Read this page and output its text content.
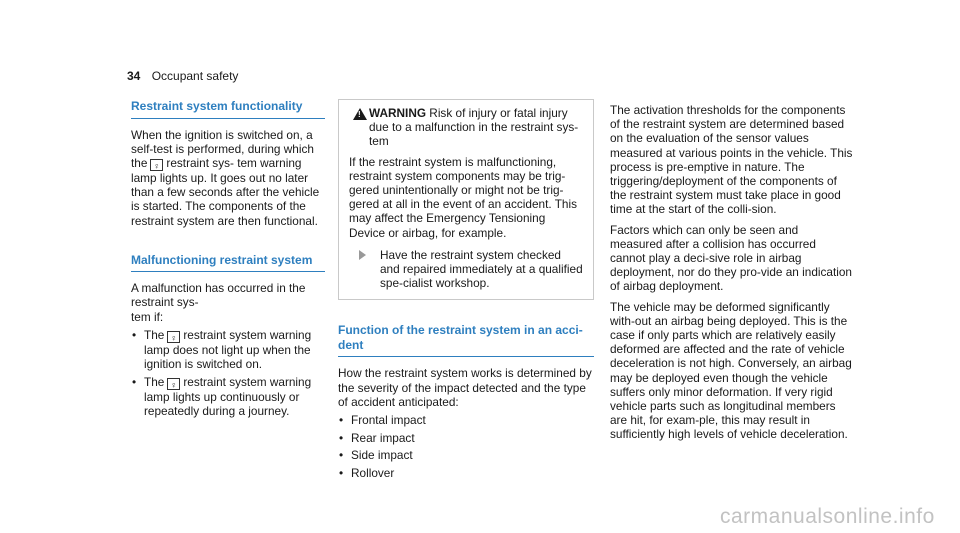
34 Occupant safety
Restraint system functionality

When the ignition is switched on, a self-test is performed, during which the ♀ restraint sys- tem warning lamp lights up. It goes out no later than a few seconds after the vehicle is started. The components of the restraint system are then functional.

Malfunctioning restraint system

A malfunction has occurred in the restraint sys-
tem if:

• The ♀ restraint system warning lamp does not light up when the ignition is switched on.
• The ♀ restraint system warning lamp lights up continuously or repeatedly during a journey.
! WARNING Risk of injury or fatal injury due to a malfunction in the restraint sys-tem

If the restraint system is malfunctioning, restraint system components may be trig-gered unintentionally or might not be trig-gered at all in the event of an accident. This may affect the Emergency Tensioning Device or airbag, for example.

Have the restraint system checked and repaired immediately at a qualified spe-cialist workshop.

Function of the restraint system in an acci-dent

How the restraint system works is determined by the severity of the impact detected and the type of accident anticipated:

• Frontal impact
• Rear impact
• Side impact
• Rollover

The activation thresholds for the components of the restraint system are determined based on the evaluation of the sensor values measured at various points in the vehicle. This process is pre-emptive in nature. The triggering/deployment of the components of the restraint system must take place in good time at the start of the colli-sion.

Factors which can only be seen and measured after a collision has occurred cannot play a deci-sive role in airbag deployment, nor do they pro-vide an indication of airbag deployment.

The vehicle may be deformed significantly with-out an airbag being deployed. This is the case if only parts which are relatively easily deformed are affected and the rate of vehicle deceleration is not high. Conversely, an airbag may be deployed even though the vehicle suffers only minor deformation. If very rigid vehicle parts such as longitudinal members are hit, for exam-ple, this may result in sufficiently high levels of vehicle deceleration.

carmanualsonline.info
